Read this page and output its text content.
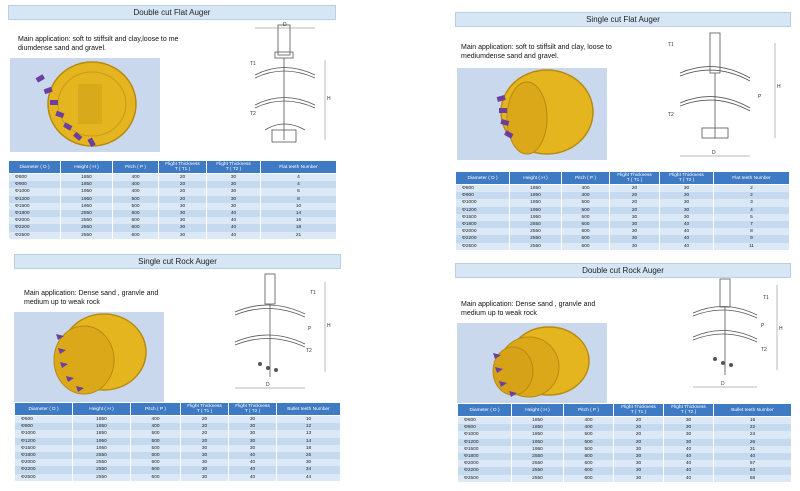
Double cut Flat Auger
Main application: soft to stiffsilt and clay,loose to me
diumdense sand and gravel.
D
H
T1
T2
Diameter ( D )	Height ( H )	Pitch ( P )	Flight Thickness
T ( T1 )	Flight Thickness
T ( T2 )	Flat teeth Number
Φ800	1850	400	20	30	4
Φ900	1850	400	20	30	4
Φ1000	1950	400	20	30	6
Φ1200	1950	500	20	30	8
Φ1500	1950	500	30	30	10
Φ1800	2550	600	30	40	14
Φ2000	2550	600	30	40	16
Φ2200	2550	600	30	40	18
Φ2500	2550	600	30	40	21
Single cut Flat Auger
Main application: soft to stiffsilt and clay, loose to
mediumdense sand and gravel.
D
H
P
T1
T2
Diameter ( D )	Height ( H )	Pitch ( P )	Flight Thickness
T ( T1 )	Flight Thickness
T ( T2 )	Flat teeth Number
Φ800	1850	400	20	30	2
Φ900	1850	400	20	30	2
Φ1000	1850	500	20	30	3
Φ1200	1950	500	20	30	4
Φ1500	1950	500	30	30	5
Φ1800	2550	600	30	40	7
Φ2000	2550	600	30	40	8
Φ2200	2550	600	30	40	9
Φ2500	2550	600	30	40	11
Single cut Rock Auger
Main application: Dense sand , granvle and
medium up to weak rock
D
H
P
T1
T2
Diameter ( D )	Height ( H )	Pitch ( P )	Flight Thickness
T ( T1 )	Flight Thickness
T ( T2 )	Bullet teeth Number
Φ600	1850	400	20	30	10
Φ800	1850	400	20	30	12
Φ1000	1850	500	20	30	13
Φ1200	1950	500	20	30	14
Φ1500	1950	500	30	30	18
Φ1800	2550	600	30	40	26
Φ2000	2550	600	30	40	30
Φ2200	2550	600	30	40	34
Φ2500	2550	600	30	40	44
Double cut Rock Auger
Main application: Dense sand , granvle and
medium up to weak rock
D
H
P
T1
T2
Diameter ( D )	Height ( H )	Pitch ( P )	Flight Thickness
T ( T1 )	Flight Thickness
T ( T2 )	Bullet teeth Number
Φ600	1850	400	20	30	16
Φ800	1850	400	20	30	22
Φ1000	1850	500	20	30	24
Φ1200	1950	500	20	30	26
Φ1500	1950	500	30	40	31
Φ1800	2550	600	30	40	40
Φ2000	2550	600	30	40	57
Φ2200	2550	600	30	40	63
Φ2500	2550	600	30	40	68
